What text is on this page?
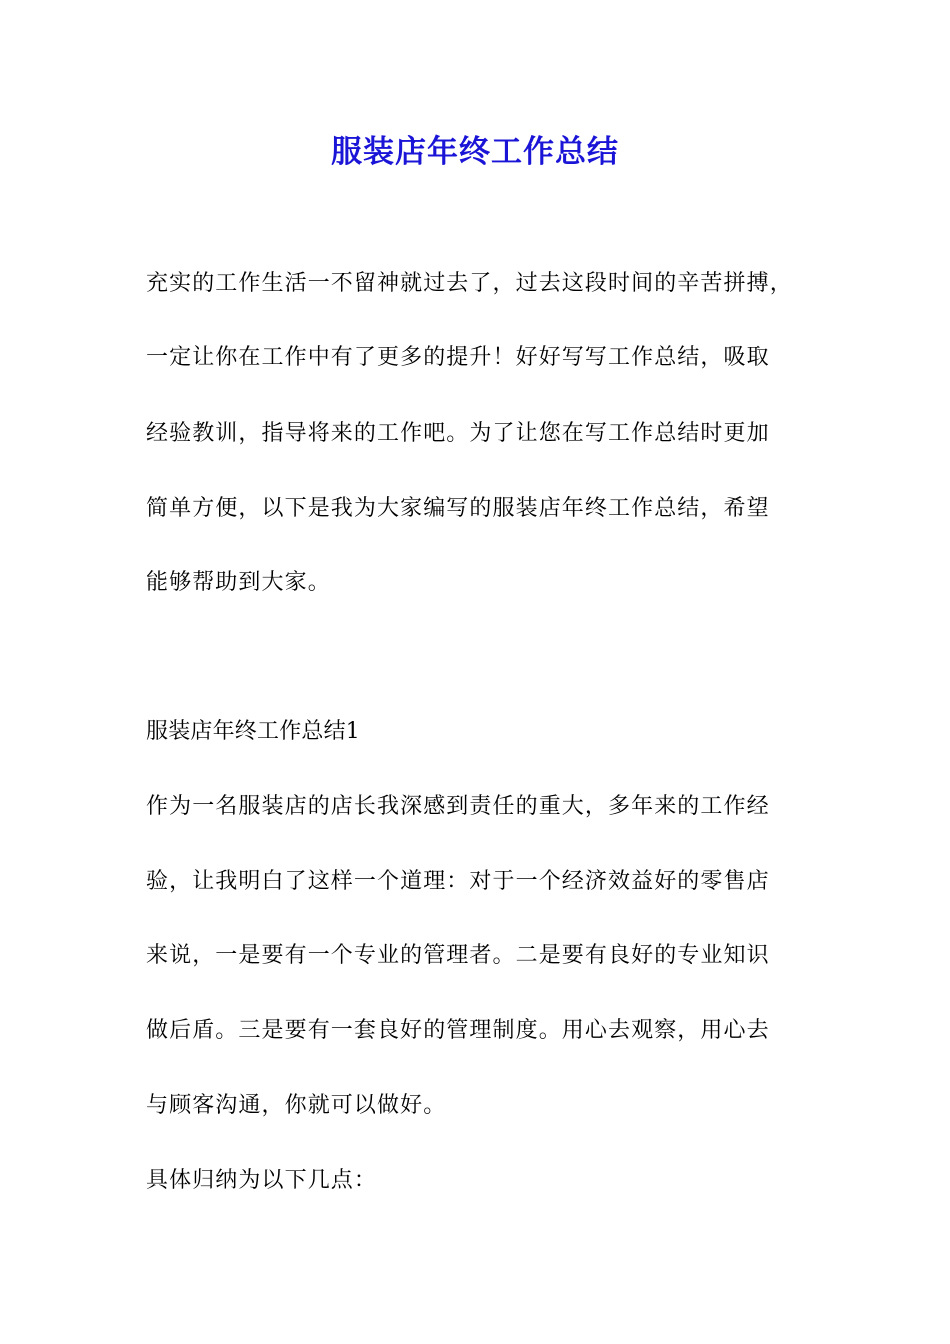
服装店年终工作总结

充实的工作生活一不留神就过去了，过去这段时间的辛苦拼搏，

一定让你在工作中有了更多的提升！好好写写工作总结，吸取

经验教训，指导将来的工作吧。为了让您在写工作总结时更加

简单方便，以下是我为大家编写的服装店年终工作总结，希望

能够帮助到大家。

服装店年终工作总结1

作为一名服装店的店长我深感到责任的重大，多年来的工作经

验，让我明白了这样一个道理：对于一个经济效益好的零售店

来说，一是要有一个专业的管理者。二是要有良好的专业知识

做后盾。三是要有一套良好的管理制度。用心去观察，用心去

与顾客沟通，你就可以做好。

具体归纳为以下几点：
